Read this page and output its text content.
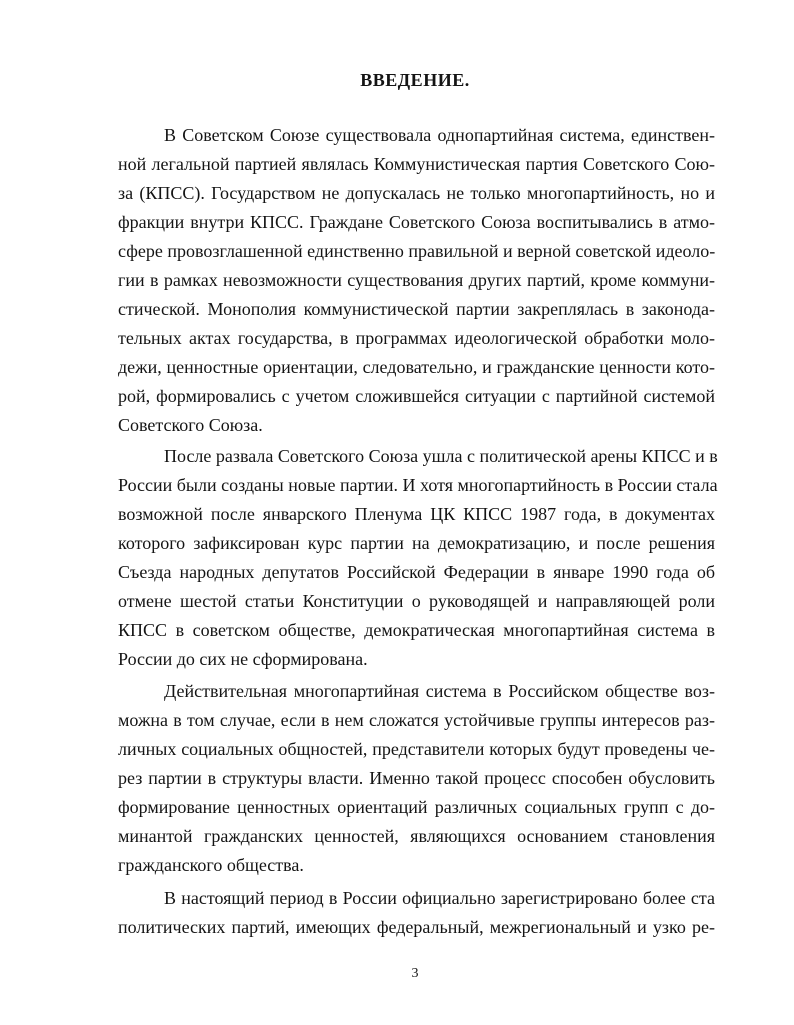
ВВЕДЕНИЕ.

В Советском Союзе существовала однопартийная система, единствен-

ной легальной партией являлась Коммунистическая партия Советского Сою-

за (КПСС). Государством не допускалась не только многопартийность, но и

фракции внутри КПСС. Граждане Советского Союза воспитывались в атмо-

сфере провозглашенной единственно правильной и верной советской идеоло-

гии в рамках невозможности существования других партий, кроме коммуни-

стической. Монополия коммунистической партии закреплялась в законода-

тельных актах государства, в программах идеологической обработки моло-

дежи, ценностные ориентации, следовательно, и гражданские ценности кото-

рой, формировались с учетом сложившейся ситуации с партийной системой

Советского Союза.

После развала Советского Союза ушла с политической арены КПСС и в

России были созданы новые партии. И хотя многопартийность в России стала

возможной после январского Пленума ЦК КПСС 1987 года, в документах

которого зафиксирован курс партии на демократизацию, и после решения

Съезда народных депутатов Российской Федерации в январе 1990 года об

отмене шестой статьи Конституции о руководящей и направляющей роли

КПСС в советском обществе, демократическая многопартийная система в

России до сих не сформирована.

Действительная многопартийная система в Российском обществе воз-

можна в том случае, если в нем сложатся устойчивые группы интересов раз-

личных социальных общностей, представители которых будут проведены че-

рез партии в структуры власти. Именно такой процесс способен обусловить

формирование ценностных ориентаций различных социальных групп с до-

минантой гражданских ценностей, являющихся основанием становления

гражданского общества.

В настоящий период в России официально зарегистрировано более ста

политических партий, имеющих федеральный, межрегиональный и узко ре-

3
